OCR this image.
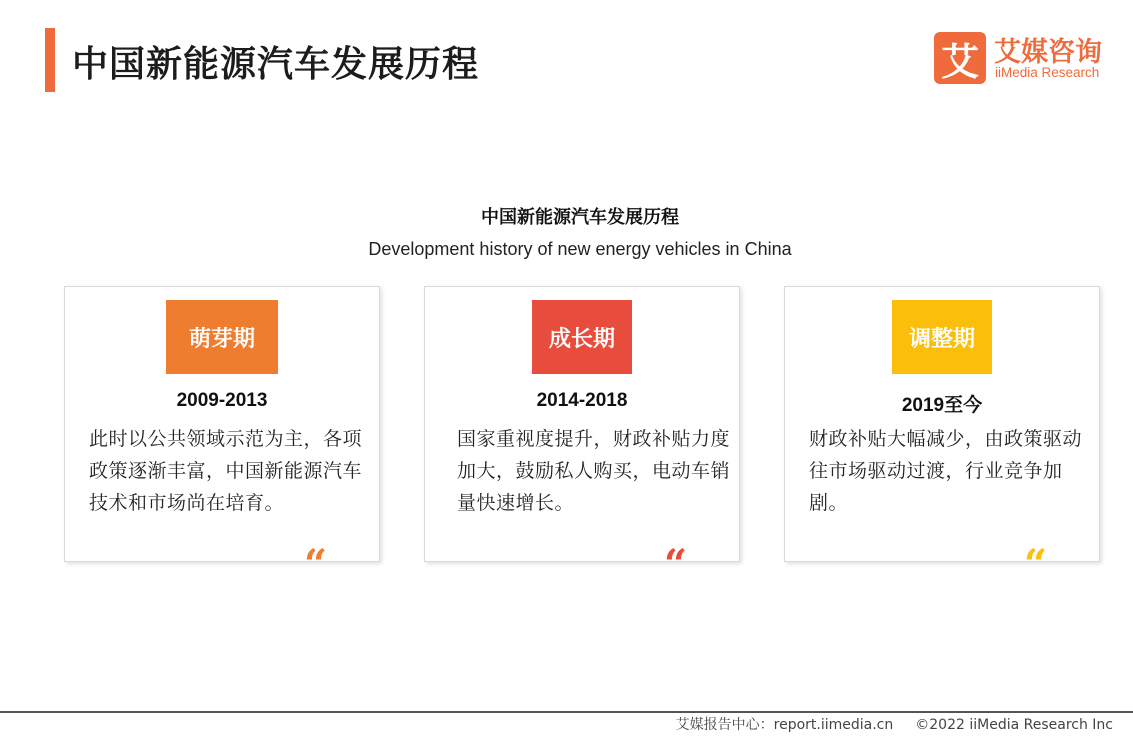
中国新能源汽车发展历程	艾 艾媒咨询
iiMedia Research
中国新能源汽车发展历程
Development history of new energy vehicles in China
萌芽期
2009-2013
此时以公共领域示范为主，各项政策逐渐丰富，中国新能源汽车技术和市场尚在培育。
“
成长期
2014-2018
国家重视度提升，财政补贴力度加大，鼓励私人购买，电动车销量快速增长。
“
调整期
2019至今
财政补贴大幅减少，由政策驱动往市场驱动过渡，行业竞争加剧。
“
艾媒报告中心：report.iimedia.cn ©2022 iiMedia Research Inc
